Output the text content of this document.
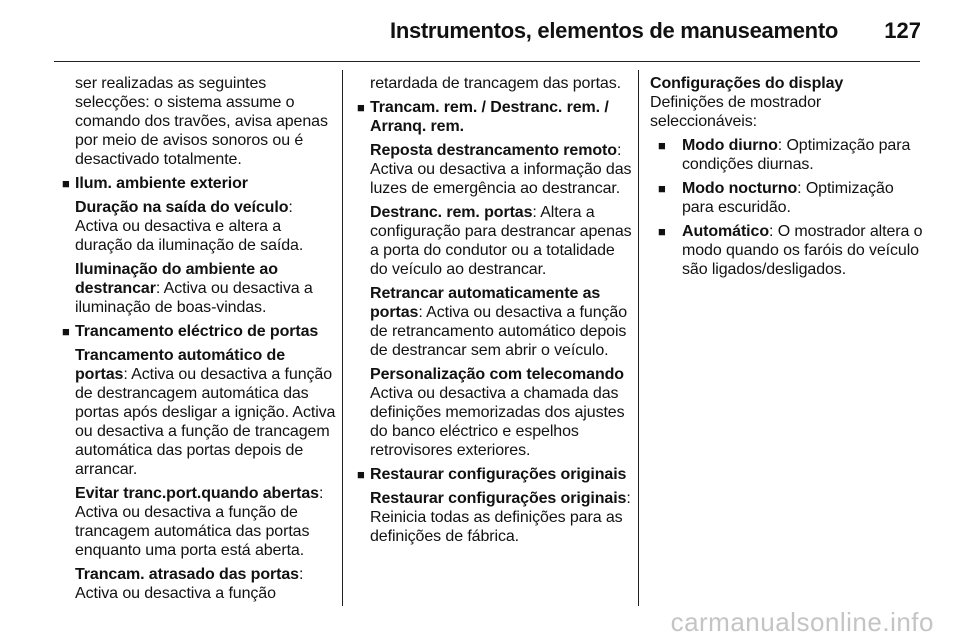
Instrumentos, elementos de manuseamento 127

ser realizadas as seguintes selecções: o sistema assume o comando dos travões, avisa apenas por meio de avisos sonoros ou é desactivado totalmente.

■ Ilum. ambiente exterior

Duração na saída do veículo: Activa ou desactiva e altera a duração da iluminação de saída.

Iluminação do ambiente ao destrancar: Activa ou desactiva a iluminação de boas-vindas.

■ Trancamento eléctrico de portas

Trancamento automático de portas: Activa ou desactiva a função de destrancagem automática das portas após desligar a ignição. Activa ou desactiva a função de trancagem automática das portas depois de arrancar.

Evitar tranc.port.quando abertas: Activa ou desactiva a função de trancagem automática das portas enquanto uma porta está aberta.

Trancam. atrasado das portas: Activa ou desactiva a função

retardada de trancagem das portas.

■ Trancam. rem. / Destranc. rem. / Arranq. rem.

Reposta destrancamento remoto: Activa ou desactiva a informação das luzes de emergência ao destrancar.

Destranc. rem. portas: Altera a configuração para destrancar apenas a porta do condutor ou a totalidade do veículo ao destrancar.

Retrancar automaticamente as portas: Activa ou desactiva a função de retrancamento automático depois de destrancar sem abrir o veículo.

Personalização com telecomando
Activa ou desactiva a chamada das definições memorizadas dos ajustes do banco eléctrico e espelhos retrovisores exteriores.

■ Restaurar configurações originais

Restaurar configurações originais: Reinicia todas as definições para as definições de fábrica.

Configurações do display

Definições de mostrador seleccionáveis:

■ Modo diurno: Optimização para condições diurnas.

■ Modo nocturno: Optimização para escuridão.

■ Automático: O mostrador altera o modo quando os faróis do veículo são ligados/desligados.

carmanualsonline.info
